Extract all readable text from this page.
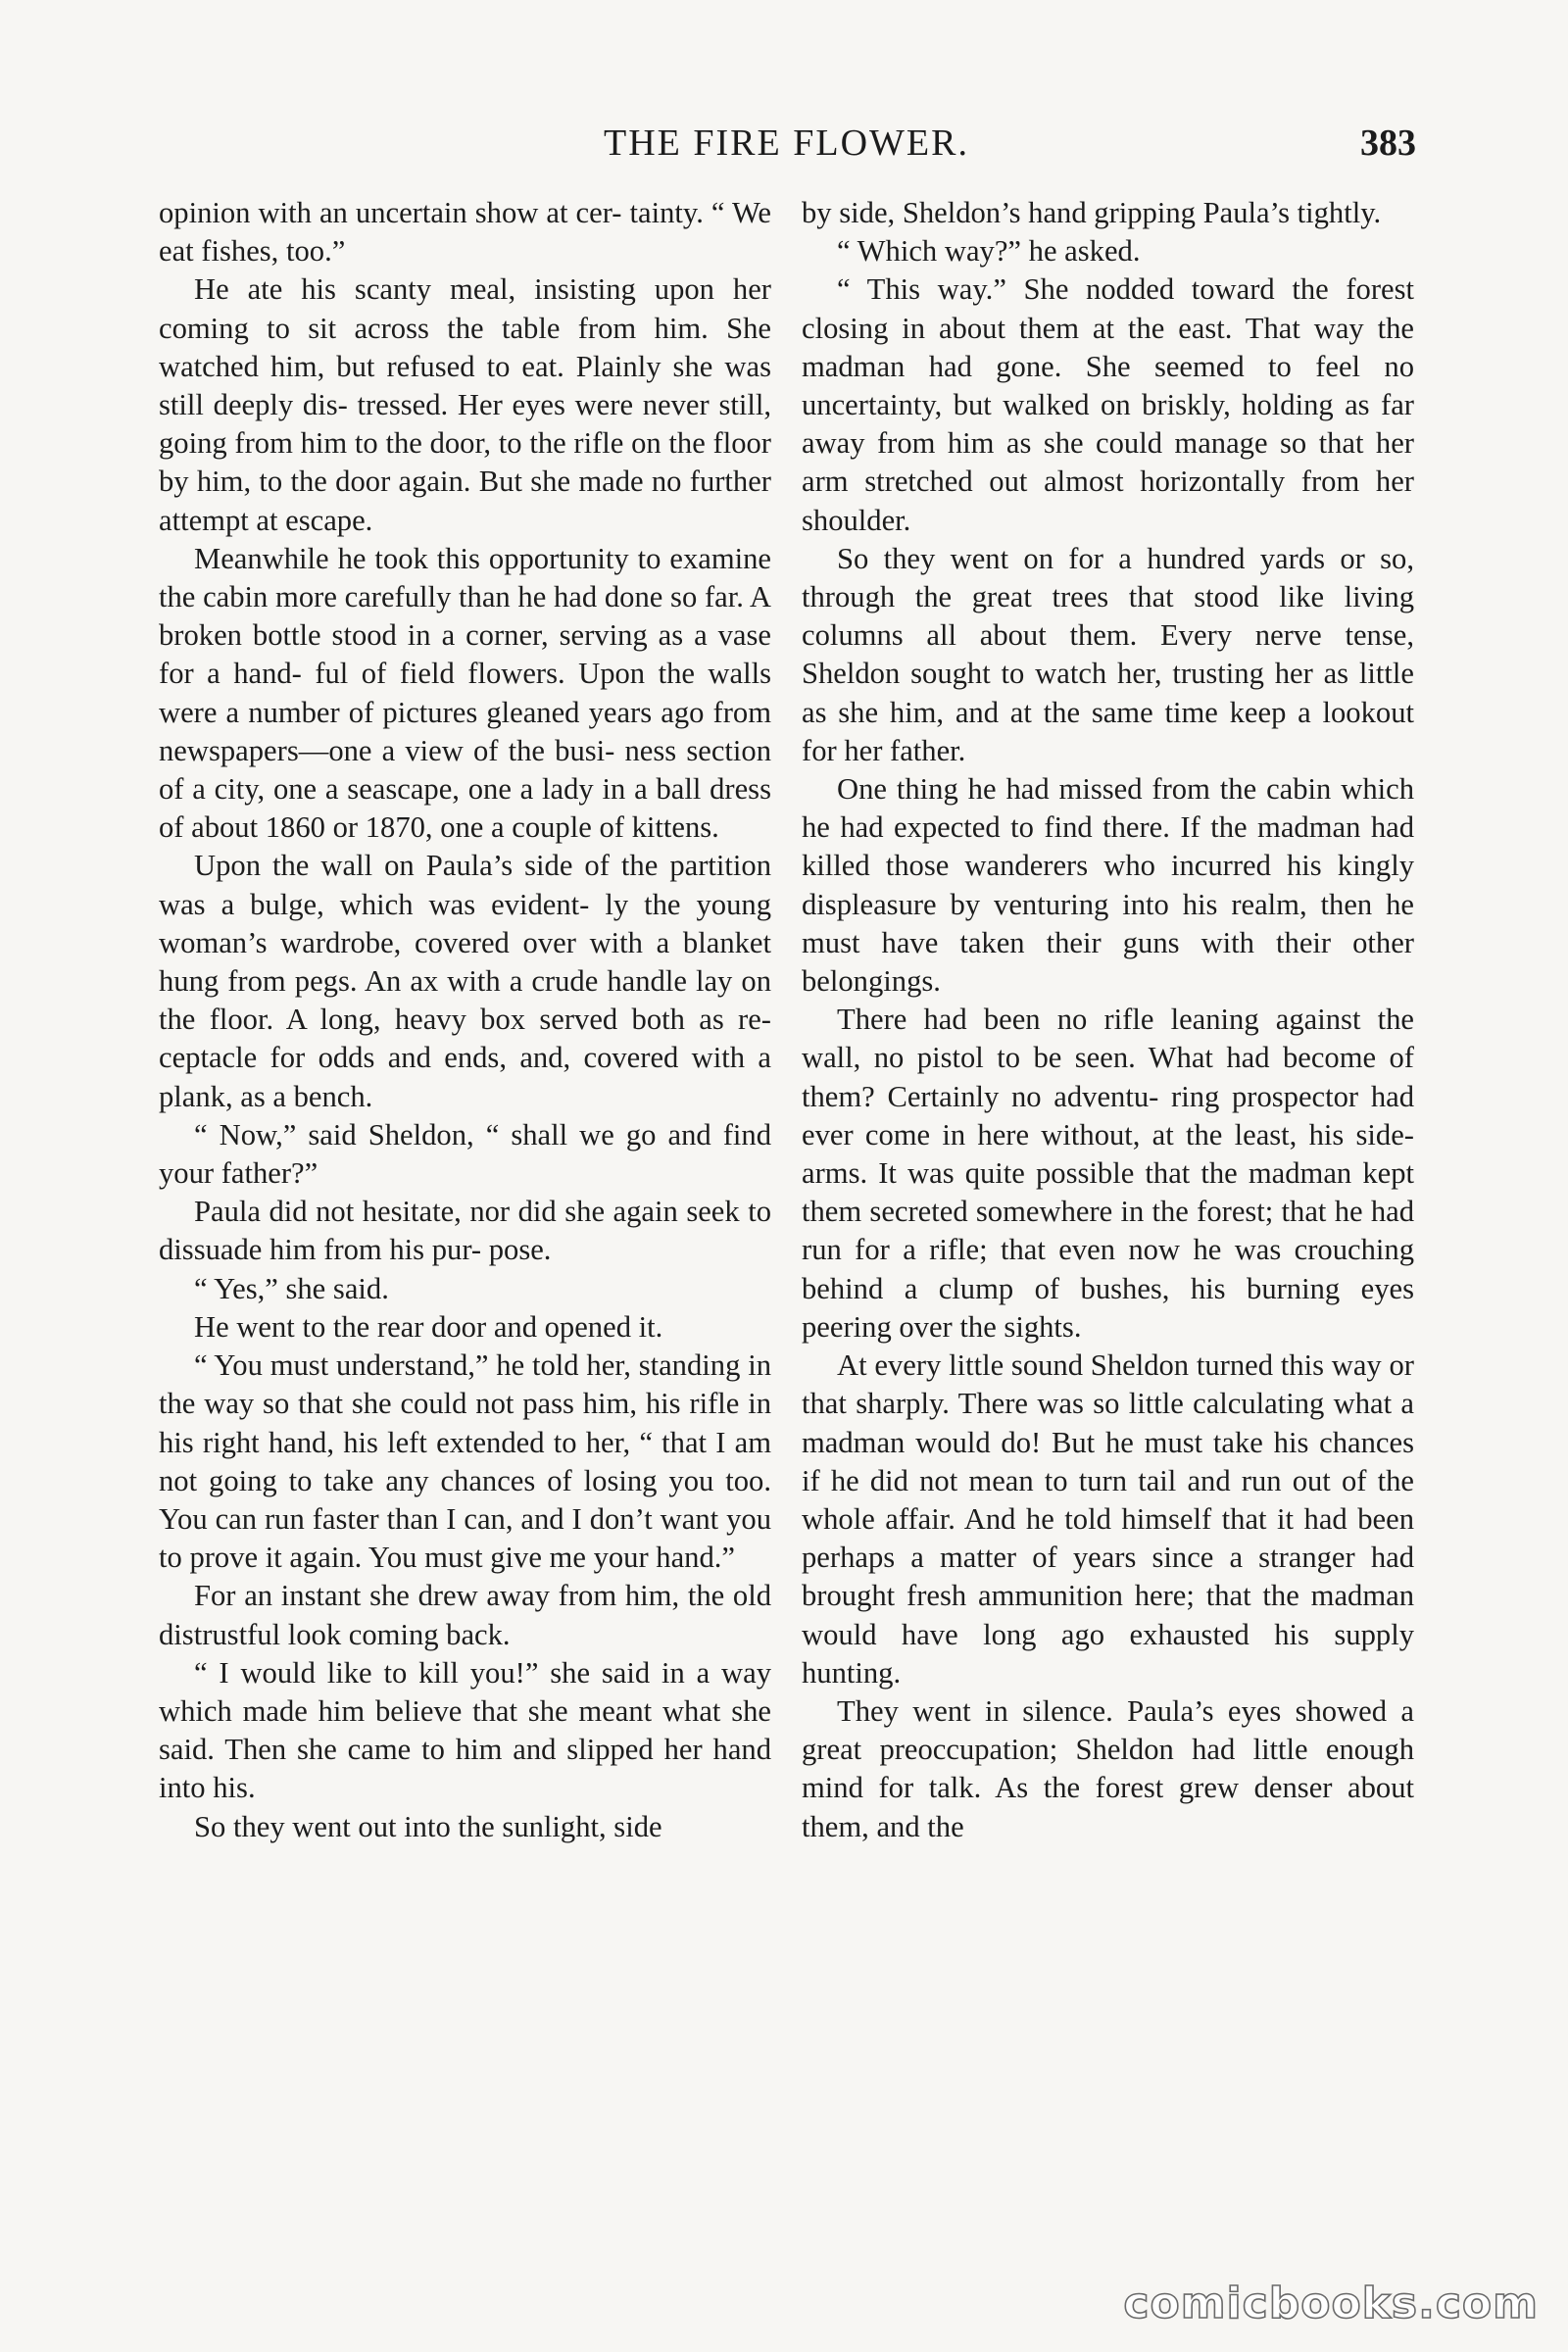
THE FIRE FLOWER.	383

opinion with an uncertain show at cer- tainty. “ We eat fishes, too.”

He ate his scanty meal, insisting upon her coming to sit across the table from him. She watched him, but refused to eat. Plainly she was still deeply dis- tressed. Her eyes were never still, going from him to the door, to the rifle on the floor by him, to the door again. But she made no further attempt at escape.

Meanwhile he took this opportunity to examine the cabin more carefully than he had done so far. A broken bottle stood in a corner, serving as a vase for a hand- ful of field flowers. Upon the walls were a number of pictures gleaned years ago from newspapers—one a view of the busi- ness section of a city, one a seascape, one a lady in a ball dress of about 1860 or 1870, one a couple of kittens.

Upon the wall on Paula’s side of the partition was a bulge, which was evident- ly the young woman’s wardrobe, covered over with a blanket hung from pegs. An ax with a crude handle lay on the floor. A long, heavy box served both as re- ceptacle for odds and ends, and, covered with a plank, as a bench.

“ Now,” said Sheldon, “ shall we go and find your father?”

Paula did not hesitate, nor did she again seek to dissuade him from his pur- pose.

“ Yes,” she said.

He went to the rear door and opened it.

“ You must understand,” he told her, standing in the way so that she could not pass him, his rifle in his right hand, his left extended to her, “ that I am not going to take any chances of losing you too. You can run faster than I can, and I don’t want you to prove it again. You must give me your hand.”

For an instant she drew away from him, the old distrustful look coming back.

“ I would like to kill you!” she said in a way which made him believe that she meant what she said. Then she came to him and slipped her hand into his.

So they went out into the sunlight, side

by side, Sheldon’s hand gripping Paula’s tightly.

“ Which way?” he asked.

“ This way.” She nodded toward the forest closing in about them at the east. That way the madman had gone. She seemed to feel no uncertainty, but walked on briskly, holding as far away from him as she could manage so that her arm stretched out almost horizontally from her shoulder.

So they went on for a hundred yards or so, through the great trees that stood like living columns all about them. Every nerve tense, Sheldon sought to watch her, trusting her as little as she him, and at the same time keep a lookout for her father.

One thing he had missed from the cabin which he had expected to find there. If the madman had killed those wanderers who incurred his kingly displeasure by venturing into his realm, then he must have taken their guns with their other belongings.

There had been no rifle leaning against the wall, no pistol to be seen. What had become of them? Certainly no adventu- ring prospector had ever come in here without, at the least, his side-arms. It was quite possible that the madman kept them secreted somewhere in the forest; that he had run for a rifle; that even now he was crouching behind a clump of bushes, his burning eyes peering over the sights.

At every little sound Sheldon turned this way or that sharply. There was so little calculating what a madman would do! But he must take his chances if he did not mean to turn tail and run out of the whole affair. And he told himself that it had been perhaps a matter of years since a stranger had brought fresh ammunition here; that the madman would have long ago exhausted his supply hunting.

They went in silence. Paula’s eyes showed a great preoccupation; Sheldon had little enough mind for talk. As the forest grew denser about them, and the

comicbooks.com
